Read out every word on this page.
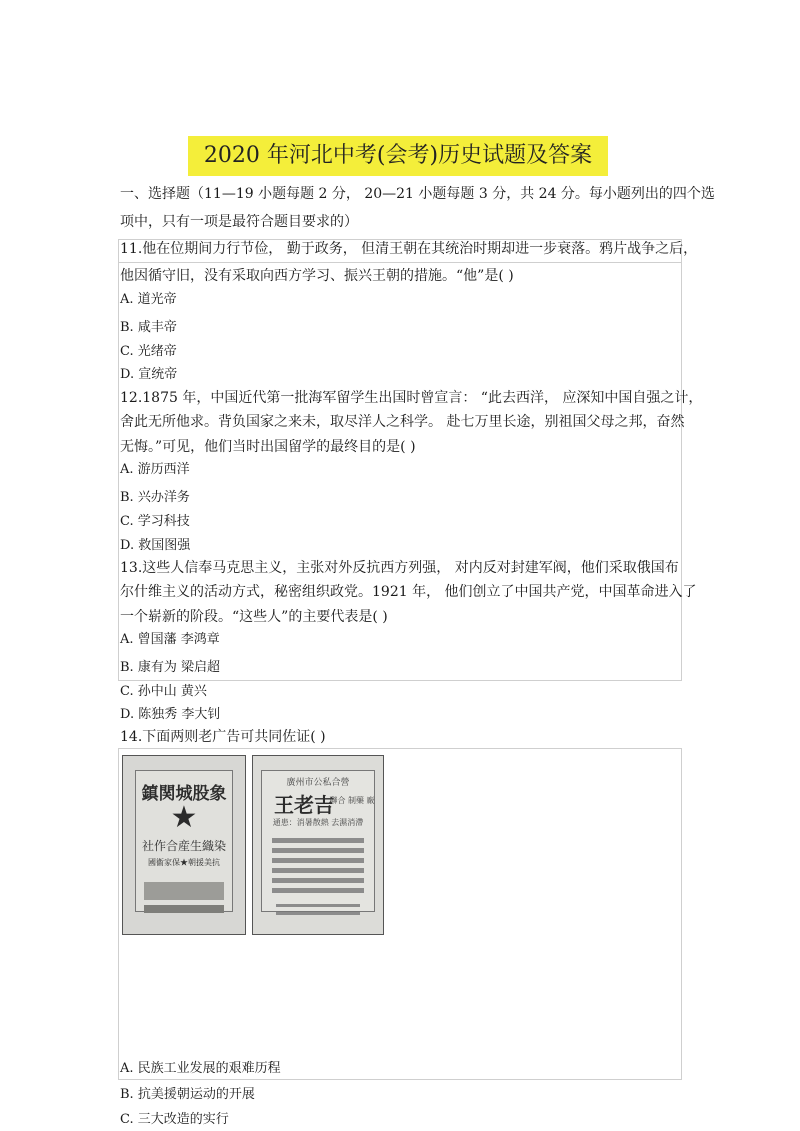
2020 年河北中考(会考)历史试题及答案
一、选择题（11—19 小题每题 2 分， 20—21 小题每题 3 分，共 24 分。每小题列出的四个选
项中，只有一项是最符合题目要求的）
11.他在位期间力行节俭， 勤于政务， 但清王朝在其统治时期却进一步衰落。鸦片战争之后，
他因循守旧，没有采取向西方学习、振兴王朝的措施。“他”是( )
A. 道光帝
B. 咸丰帝
C. 光绪帝
D. 宣统帝
12.1875 年，中国近代第一批海军留学生出国时曾宣言： “此去西洋， 应深知中国自强之计，
舍此无所他求。背负国家之来未，取尽洋人之科学。 赴七万里长途，别祖国父母之邦，奋然
无悔。”可见，他们当时出国留学的最终目的是( )
A. 游历西洋
B. 兴办洋务
C. 学习科技
D. 救国图强
13.这些人信奉马克思主义，主张对外反抗西方列强， 对内反对封建军阀，他们采取俄国布
尔什维主义的活动方式，秘密组织政党。1921 年， 他们创立了中国共产党，中国革命进入了
一个崭新的阶段。“这些人”的主要代表是( )
A. 曾国藩 李鸿章
B. 康有为 梁启超
C. 孙中山 黄兴
D. 陈独秀 李大钊
14.下面两则老广告可共同佐证( )
鎮関城股象
★
社作合産生織染
國衞家保★朝援美抗
廣州市公私合營
王老吉
聯合 制藥 廠
通患：消暑散熱 去濕消滯
A. 民族工业发展的艰难历程
B. 抗美援朝运动的开展
C. 三大改造的实行
